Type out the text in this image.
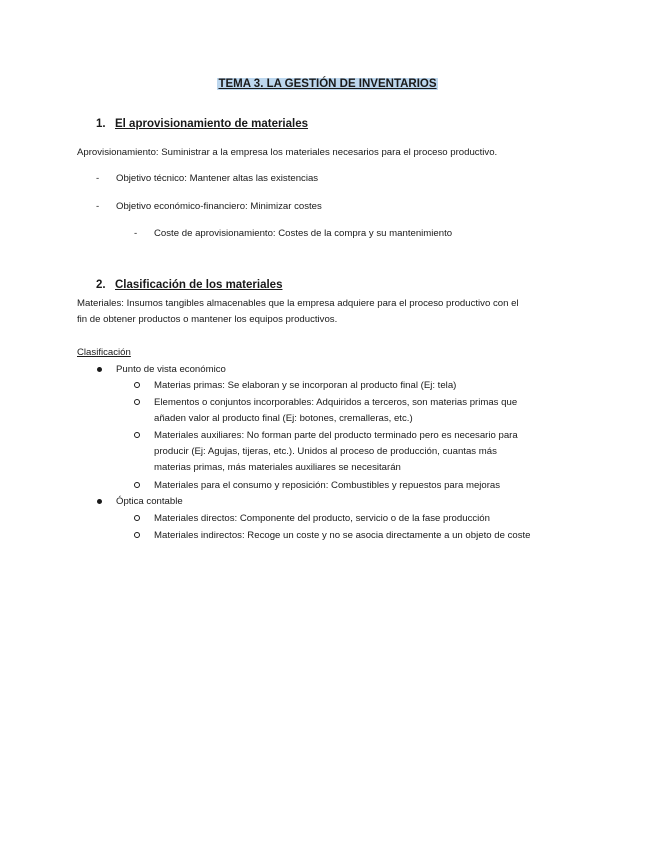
TEMA 3. LA GESTIÓN DE INVENTARIOS
1. El aprovisionamiento de materiales
Aprovisionamiento: Suministrar a la empresa los materiales necesarios para el proceso productivo.
- Objetivo técnico: Mantener altas las existencias
- Objetivo económico-financiero: Minimizar costes
- Coste de aprovisionamiento: Costes de la compra y su mantenimiento
2. Clasificación de los materiales
Materiales: Insumos tangibles almacenables que la empresa adquiere para el proceso productivo con el
fin de obtener productos o mantener los equipos productivos.
Clasificación
Punto de vista económico
Materias primas: Se elaboran y se incorporan al producto final (Ej: tela)
Elementos o conjuntos incorporables: Adquiridos a terceros, son materias primas que
añaden valor al producto final (Ej: botones, cremalleras, etc.)
Materiales auxiliares: No forman parte del producto terminado pero es necesario para
producir (Ej: Agujas, tijeras, etc.). Unidos al proceso de producción, cuantas más
materias primas, más materiales auxiliares se necesitarán
Materiales para el consumo y reposición: Combustibles y repuestos para mejoras
Óptica contable
Materiales directos: Componente del producto, servicio o de la fase producción
Materiales indirectos: Recoge un coste y no se asocia directamente a un objeto de coste
